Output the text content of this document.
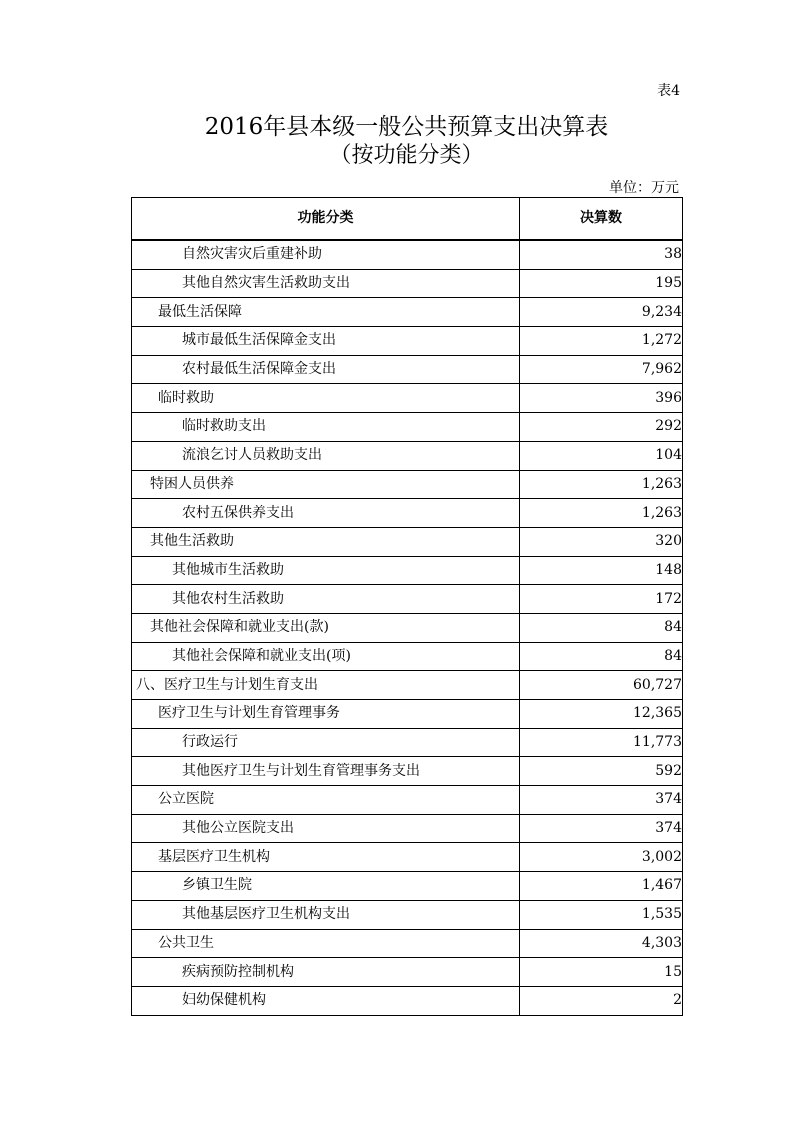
表4
2016年县本级一般公共预算支出决算表
（按功能分类）
单位：万元
功能分类	决算数
自然灾害灾后重建补助	38
其他自然灾害生活救助支出	195
最低生活保障	9,234
城市最低生活保障金支出	1,272
农村最低生活保障金支出	7,962
临时救助	396
临时救助支出	292
流浪乞讨人员救助支出	104
特困人员供养	1,263
农村五保供养支出	1,263
其他生活救助	320
其他城市生活救助	148
其他农村生活救助	172
其他社会保障和就业支出(款)	84
其他社会保障和就业支出(项)	84
八、医疗卫生与计划生育支出	60,727
医疗卫生与计划生育管理事务	12,365
行政运行	11,773
其他医疗卫生与计划生育管理事务支出	592
公立医院	374
其他公立医院支出	374
基层医疗卫生机构	3,002
乡镇卫生院	1,467
其他基层医疗卫生机构支出	1,535
公共卫生	4,303
疾病预防控制机构	15
妇幼保健机构	2
